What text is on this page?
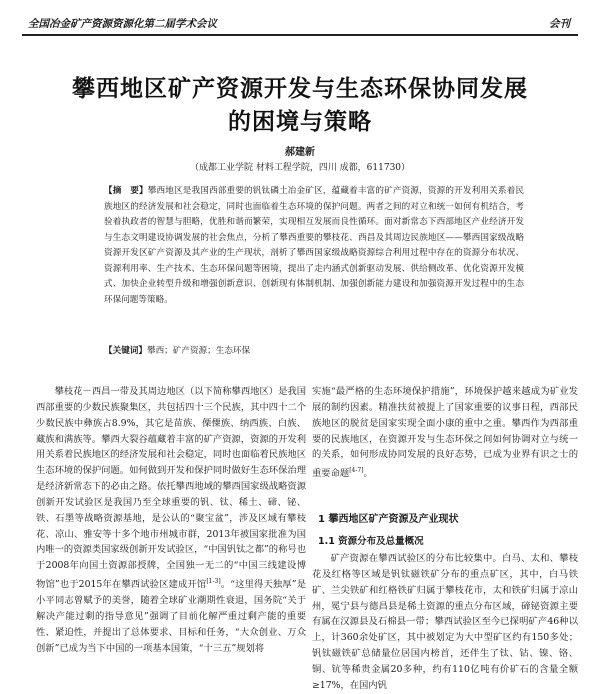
全国冶金矿产资源资源化第二届学术会议	会刊
攀西地区矿产资源开发与生态环保协同发展
的困境与策略
郝建新
（成都工业学院 材料工程学院，四川 成都，611730）
【摘　要】攀西地区是我国西部重要的钒钛磷土冶金矿区，蕴藏着丰富的矿产资源，资源的开发利用关系着民族地区的经济发展和社会稳定，同时也面临着生态环境的保护问题。两者之间的对立和统一如何有机结合，考验着执政者的智慧与胆略，优胜和谐而繁荣，实现相互发展而良性循环。面对新常态下西部地区产业经济开发与生态文明建设协调发展的社会焦点，分析了攀西重要的攀枝花、西昌及其周边民族地区——攀西国家级战略资源开发区矿产资源及其产业的生产现状，剖析了攀西国家级战略资源综合利用过程中存在的资源分布状况、资源利用率、生产技术、生态环保问题等困境，提出了走内涵式创新驱动发展、供给侧改革、优化资源开发模式、加快企业转型升级和增强创新意识、创新现有体制机制、加强创新能力建设和加强资源开发过程中的生态环保问题等策略。
【关键词】攀西；矿产资源；生态环保

攀枝花－西昌一带及其周边地区（以下简称攀西地区）是我国西部重要的少数民族聚集区，共包括四十三个民族，其中四十二个少数民族中彝族占8.9%，其它是苗族、傈僳族、纳西族、白族、藏族和满族等。攀西大裂谷蕴藏着丰富的矿产资源，资源的开发利用关系着民族地区的经济发展和社会稳定，同时也面临着民族地区生态环境的保护问题。如何做到开发和保护同时做好生态环保治理是经济新常态下的必由之路。依托攀西地域的攀西国家级战略资源创新开发试验区是我国乃至全球重要的钒、钛、稀土、碲、铋、铁、石墨等战略资源基地，是公认的“聚宝盆”，涉及区域有攀枝花、凉山、雅安等十多个地市州城市群，2013年被国家批准为国内唯一的资源类国家级创新开发试验区，“中国钒钛之都”的称号也于2008年向国土资源部授牌，全国独一无二的“中国三线建设博物馆”也于2015年在攀西试验区建成开馆[1-3]。“这里得天独厚”是小平同志曾赋予的美誉，随着全球矿业潮期性衰退，国务院“关于解决产能过剩的指导意见”强调了目前化解严重过剩产能的重要性、紧迫性，并提出了总体要求、目标和任务，“大众创业、万众创新”已成为当下中国的一项基本国策，“十三五”规划将

实施“最严格的生态环境保护措施”，环境保护越来越成为矿业发展的制约因素。精准扶贫被提上了国家重要的议事日程，西部民族地区的脱贫是国家实现全面小康的重中之重。攀西作为西部重要的民族地区，在资源开发与生态环保之间如何协调对立与统一的关系，如何形成协同发展的良好态势，已成为业界有识之士的重要命题[4-7]。

1 攀西地区矿产资源及产业现状
1.1 资源分布及总量概况

矿产资源在攀西试验区的分布比较集中。白马、太和、攀枝花及红格等区域是钒钛磁铁矿分布的重点矿区，其中，白马铁矿、兰尖铁矿和红格铁矿归属于攀枝花市，太和铁矿归属于凉山州，冕宁县与德昌县是稀土资源的重点分布区域，碲铋资源主要有属在汉源县及石棉县一带；攀西试验区至今已探明矿产46种以上，计360余处矿区，其中被划定为大中型矿区约有150多处；钒钛磁铁矿总储量位居国内榜首，还伴生了钛、钴、镍、铬、铜、钪等稀贵金属20多种，约有110亿吨有价矿石的含量全额≥17%，在国内钒
